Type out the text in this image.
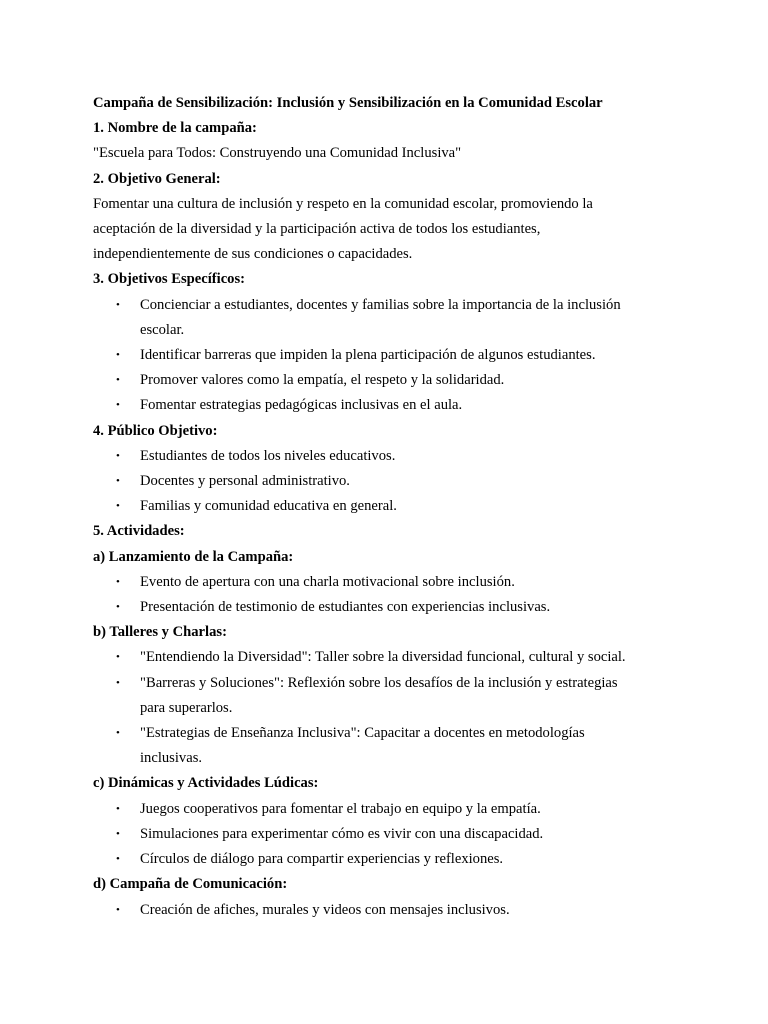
Campaña de Sensibilización: Inclusión y Sensibilización en la Comunidad Escolar
1. Nombre de la campaña:
"Escuela para Todos: Construyendo una Comunidad Inclusiva"
2. Objetivo General:
Fomentar una cultura de inclusión y respeto en la comunidad escolar, promoviendo la
aceptación de la diversidad y la participación activa de todos los estudiantes,
independientemente de sus condiciones o capacidades.
3. Objetivos Específicos:
•	Concienciar a estudiantes, docentes y familias sobre la importancia de la inclusión
escolar.
•	Identificar barreras que impiden la plena participación de algunos estudiantes.
•	Promover valores como la empatía, el respeto y la solidaridad.
•	Fomentar estrategias pedagógicas inclusivas en el aula.
4. Público Objetivo:
•	Estudiantes de todos los niveles educativos.
•	Docentes y personal administrativo.
•	Familias y comunidad educativa en general.
5. Actividades:
a) Lanzamiento de la Campaña:
•	Evento de apertura con una charla motivacional sobre inclusión.
•	Presentación de testimonio de estudiantes con experiencias inclusivas.
b) Talleres y Charlas:
•	"Entendiendo la Diversidad": Taller sobre la diversidad funcional, cultural y social.
•	"Barreras y Soluciones": Reflexión sobre los desafíos de la inclusión y estrategias
para superarlos.
•	"Estrategias de Enseñanza Inclusiva": Capacitar a docentes en metodologías
inclusivas.
c) Dinámicas y Actividades Lúdicas:
•	Juegos cooperativos para fomentar el trabajo en equipo y la empatía.
•	Simulaciones para experimentar cómo es vivir con una discapacidad.
•	Círculos de diálogo para compartir experiencias y reflexiones.
d) Campaña de Comunicación:
•	Creación de afiches, murales y videos con mensajes inclusivos.
